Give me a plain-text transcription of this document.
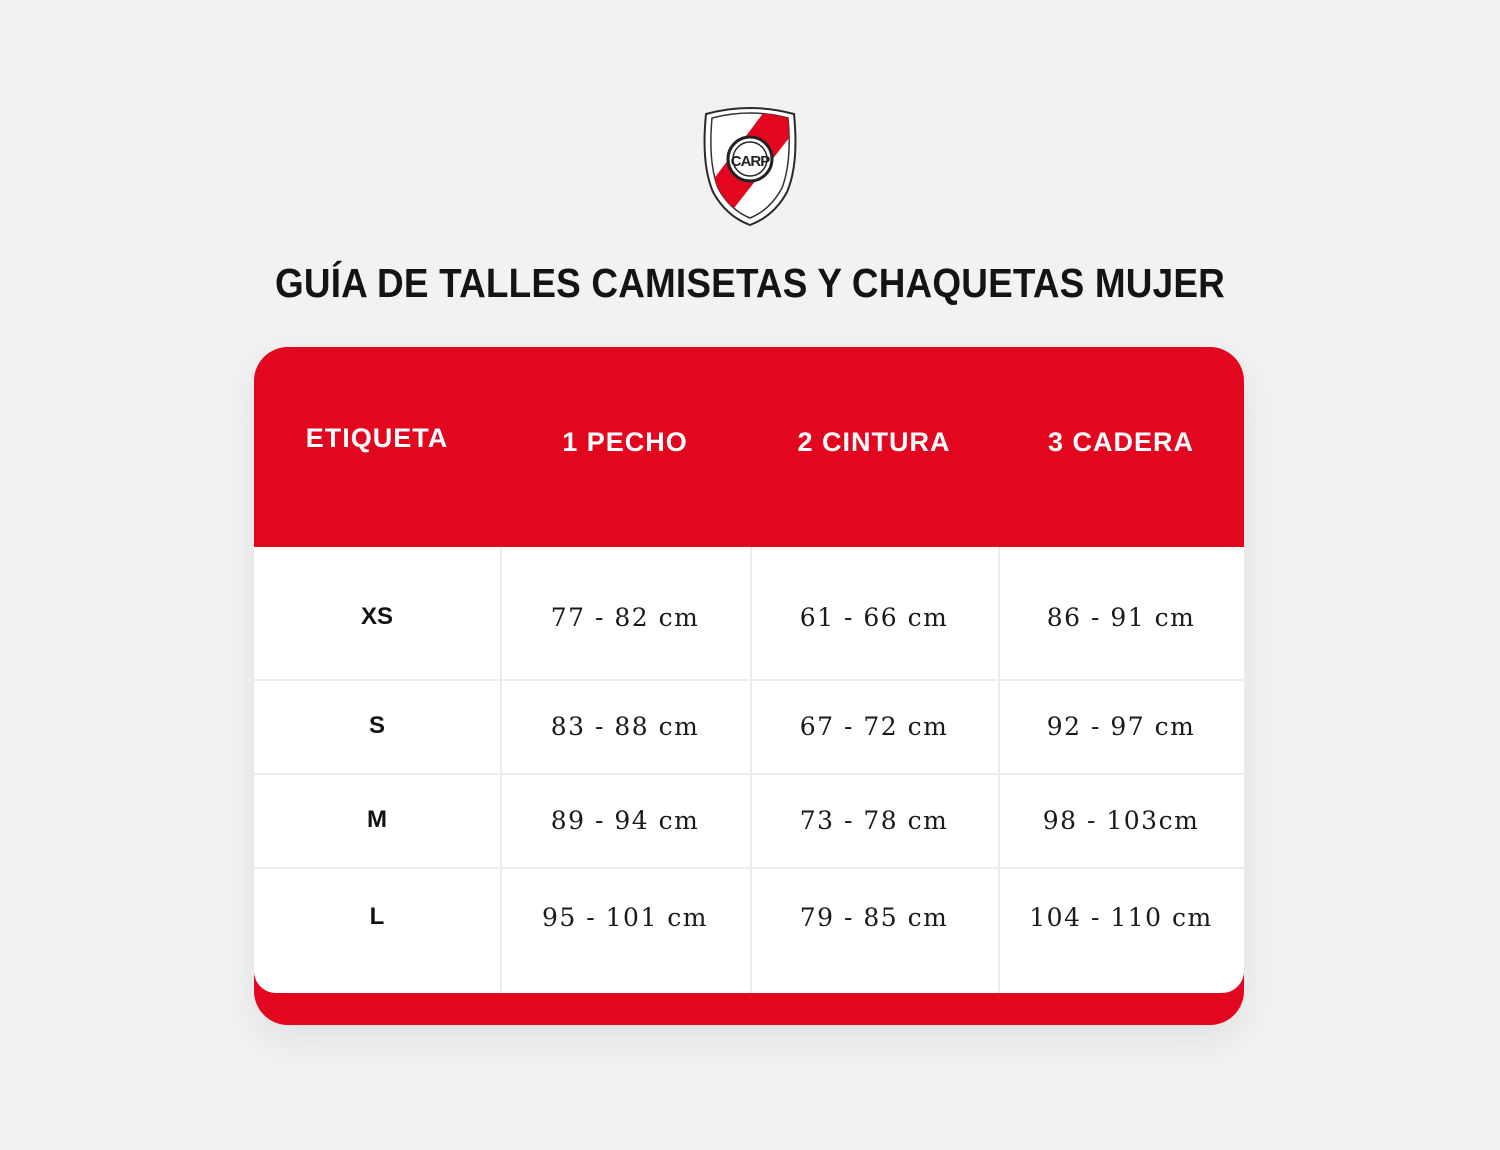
CARP
GUÍA DE TALLES CAMISETAS Y CHAQUETAS MUJER
ETIQUETA	1 PECHO	2 CINTURA	3 CADERA
XS	77 - 82 cm	61 - 66 cm	86 - 91 cm
S	83 - 88 cm	67 - 72 cm	92 - 97 cm
M	89 - 94 cm	73 - 78 cm	98 - 103cm
L	95 - 101 cm	79 - 85 cm	104 - 110 cm
